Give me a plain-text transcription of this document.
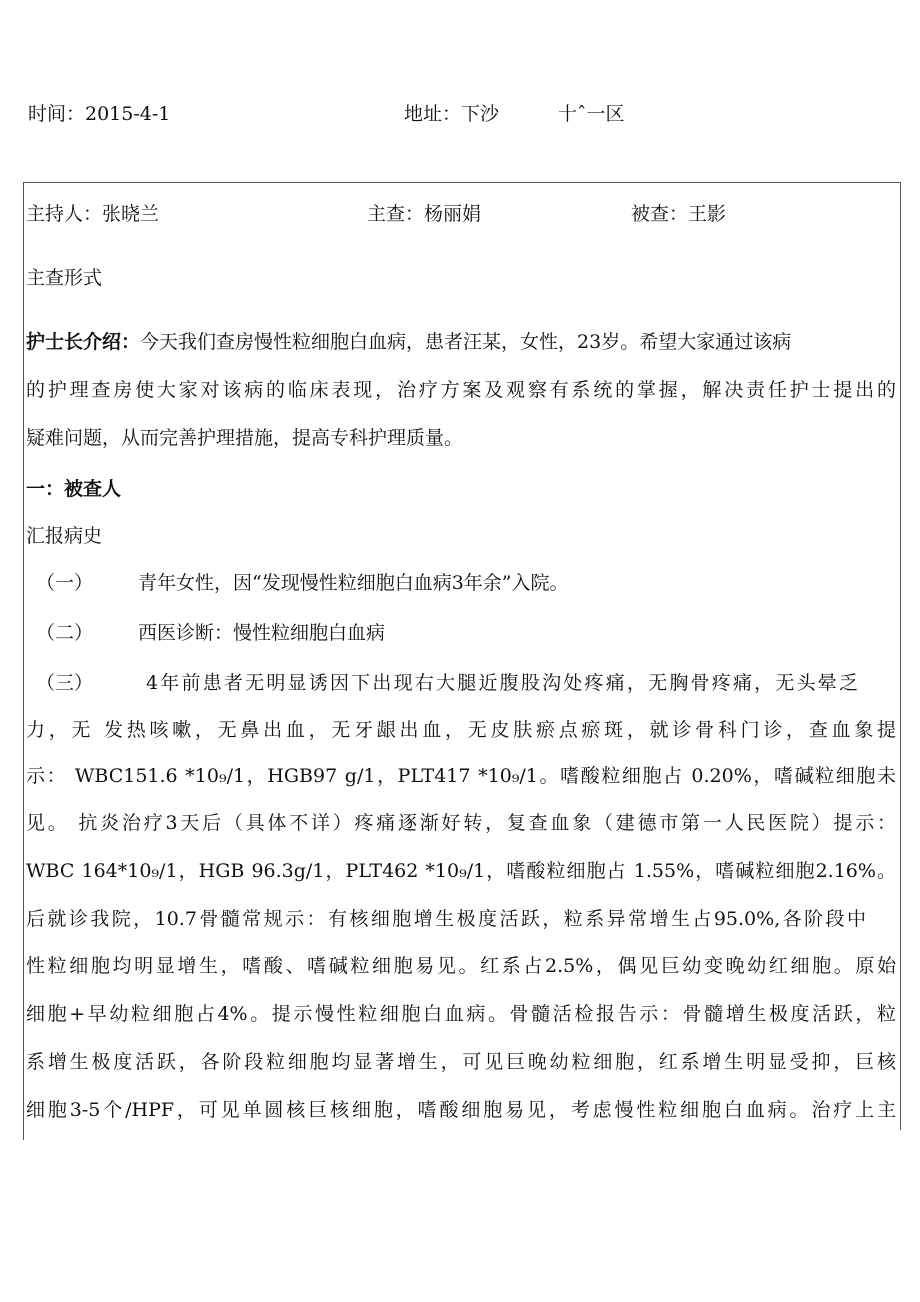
时间：2015-4-1	地址：下沙	十ˆ一区
主持人：张晓兰	主查：杨丽娟	被查：王影
主查形式
护士长介绍：今天我们查房慢性粒细胞白血病，患者汪某，女性，23岁。希望大家通过该病
的护理查房使大家对该病的临床表现，治疗方案及观察有系统的掌握，解决责任护士提出的
疑难问题，从而完善护理措施，提高专科护理质量。
一：被查人
汇报病史
（一） 青年女性，因“发现慢性粒细胞白血病3年余”入院。
（二） 西医诊断：慢性粒细胞白血病
（三）	4年前患者无明显诱因下出现右大腿近腹股沟处疼痛，无胸骨疼痛，无头晕乏
力，无 发热咳嗽，无鼻出血，无牙龈出血，无皮肤瘀点瘀斑，就诊骨科门诊，查血象提
示： WBC151.6 *10₉/1，HGB97 g/1，PLT417 *10₉/1。嗜酸粒细胞占 0.20%，嗜碱粒细胞未
见。 抗炎治疗3天后（具体不详）疼痛逐渐好转，复查血象（建德市第一人民医院）提示：
WBC 164*10₉/1，HGB 96.3g/1，PLT462 *10₉/1，嗜酸粒细胞占 1.55%，嗜碱粒细胞2.16%。
后就诊我院，10.7骨髓常规示：有核细胞增生极度活跃，粒系异常增生占95.0%,各阶段中
性粒细胞均明显增生，嗜酸、嗜碱粒细胞易见。红系占2.5%，偶见巨幼变晚幼红细胞。原始
细胞+早幼粒细胞占4%。提示慢性粒细胞白血病。骨髓活检报告示：骨髓增生极度活跃，粒
系增生极度活跃，各阶段粒细胞均显著增生，可见巨晚幼粒细胞，红系增生明显受抑，巨核
细胞3-5个/HPF，可见单圆核巨核细胞，嗜酸细胞易见，考虑慢性粒细胞白血病。治疗上主
